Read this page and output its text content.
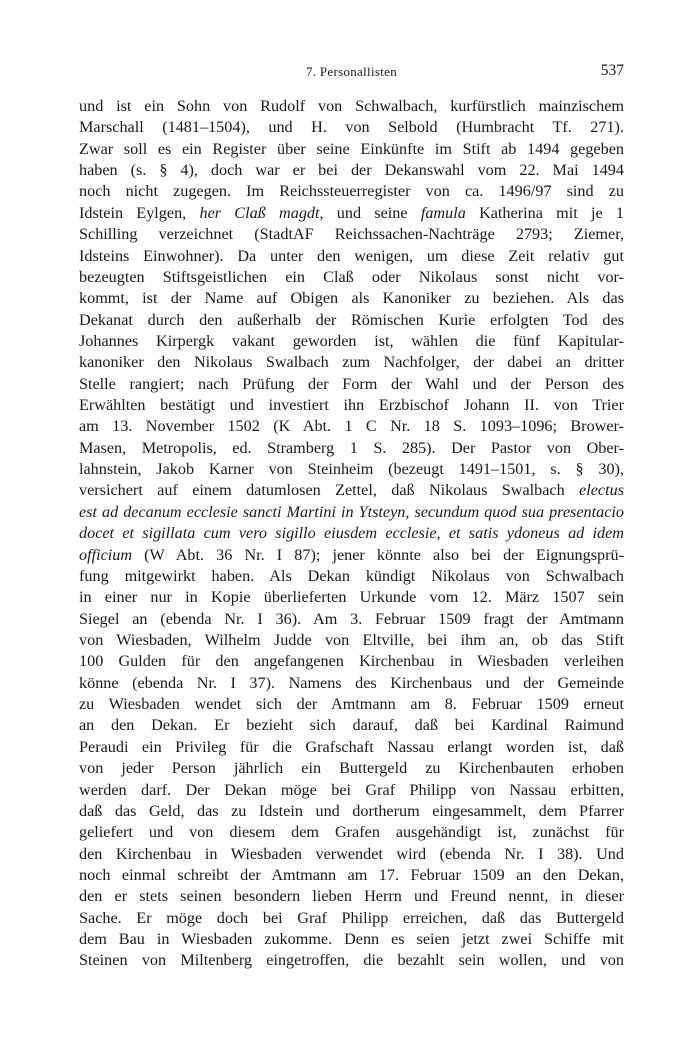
7. Personallisten	537
und ist ein Sohn von Rudolf von Schwalbach, kurfürstlich mainzischem
Marschall (1481–1504), und H. von Selbold (Humbracht Tf. 271).
Zwar soll es ein Register über seine Einkünfte im Stift ab 1494 gegeben
haben (s. § 4), doch war er bei der Dekanswahl vom 22. Mai 1494
noch nicht zugegen. Im Reichssteuerregister von ca. 1496/97 sind zu
Idstein Eylgen, her Claß magdt, und seine famula Katherina mit je 1
Schilling verzeichnet (StadtAF Reichssachen-Nachträge 2793; Ziemer,
Idsteins Einwohner). Da unter den wenigen, um diese Zeit relativ gut
bezeugten Stiftsgeistlichen ein Claß oder Nikolaus sonst nicht vor-
kommt, ist der Name auf Obigen als Kanoniker zu beziehen. Als das
Dekanat durch den außerhalb der Römischen Kurie erfolgten Tod des
Johannes Kirpergk vakant geworden ist, wählen die fünf Kapitular-
kanoniker den Nikolaus Swalbach zum Nachfolger, der dabei an dritter
Stelle rangiert; nach Prüfung der Form der Wahl und der Person des
Erwählten bestätigt und investiert ihn Erzbischof Johann II. von Trier
am 13. November 1502 (K Abt. 1 C Nr. 18 S. 1093–1096; Brower-
Masen, Metropolis, ed. Stramberg 1 S. 285). Der Pastor von Ober-
lahnstein, Jakob Karner von Steinheim (bezeugt 1491–1501, s. § 30),
versichert auf einem datumlosen Zettel, daß Nikolaus Swalbach electus
est ad decanum ecclesie sancti Martini in Ytsteyn, secundum quod sua presentacio
docet et sigillata cum vero sigillo eiusdem ecclesie, et satis ydoneus ad idem
officium (W Abt. 36 Nr. I 87); jener könnte also bei der Eignungsprü-
fung mitgewirkt haben. Als Dekan kündigt Nikolaus von Schwalbach
in einer nur in Kopie überlieferten Urkunde vom 12. März 1507 sein
Siegel an (ebenda Nr. I 36). Am 3. Februar 1509 fragt der Amtmann
von Wiesbaden, Wilhelm Judde von Eltville, bei ihm an, ob das Stift
100 Gulden für den angefangenen Kirchenbau in Wiesbaden verleihen
könne (ebenda Nr. I 37). Namens des Kirchenbaus und der Gemeinde
zu Wiesbaden wendet sich der Amtmann am 8. Februar 1509 erneut
an den Dekan. Er bezieht sich darauf, daß bei Kardinal Raimund
Peraudi ein Privileg für die Grafschaft Nassau erlangt worden ist, daß
von jeder Person jährlich ein Buttergeld zu Kirchenbauten erhoben
werden darf. Der Dekan möge bei Graf Philipp von Nassau erbitten,
daß das Geld, das zu Idstein und dortherum eingesammelt, dem Pfarrer
geliefert und von diesem dem Grafen ausgehändigt ist, zunächst für
den Kirchenbau in Wiesbaden verwendet wird (ebenda Nr. I 38). Und
noch einmal schreibt der Amtmann am 17. Februar 1509 an den Dekan,
den er stets seinen besondern lieben Herrn und Freund nennt, in dieser
Sache. Er möge doch bei Graf Philipp erreichen, daß das Buttergeld
dem Bau in Wiesbaden zukomme. Denn es seien jetzt zwei Schiffe mit
Steinen von Miltenberg eingetroffen, die bezahlt sein wollen, und von
